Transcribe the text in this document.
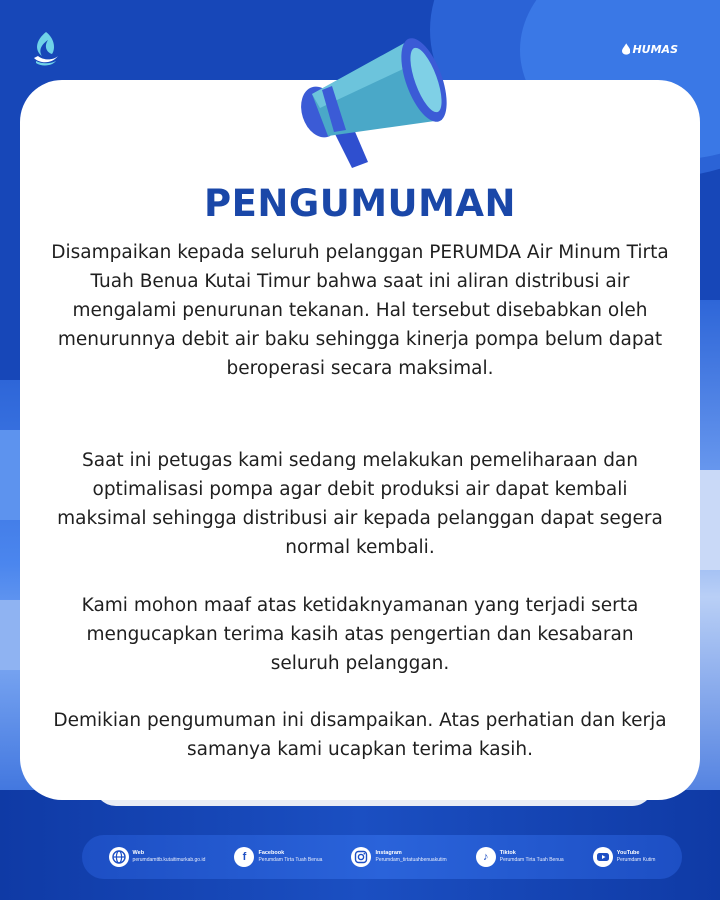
HUMAS
PENGUMUMAN
Disampaikan kepada seluruh pelanggan PERUMDA Air Minum Tirta Tuah Benua Kutai Timur bahwa saat ini aliran distribusi air mengalami penurunan tekanan. Hal tersebut disebabkan oleh menurunnya debit air baku sehingga kinerja pompa belum dapat beroperasi secara maksimal.
Saat ini petugas kami sedang melakukan pemeliharaan dan optimalisasi pompa agar debit produksi air dapat kembali maksimal sehingga distribusi air kepada pelanggan dapat segera normal kembali.
Kami mohon maaf atas ketidaknyamanan yang terjadi serta mengucapkan terima kasih atas pengertian dan kesabaran seluruh pelanggan.
Demikian pengumuman ini disampaikan. Atas perhatian dan kerja samanya kami ucapkan terima kasih.
Web
perumdamttb.kutaitimurkab.go.id	f	Facebook
Perumdam Tirta Tuah Benua
Instagram
Perumdam_tirtatuahbenuakutim	♪	Tiktok
Perumdam Tirta Tuah Benua
YouTube
Perumdam Kutim
